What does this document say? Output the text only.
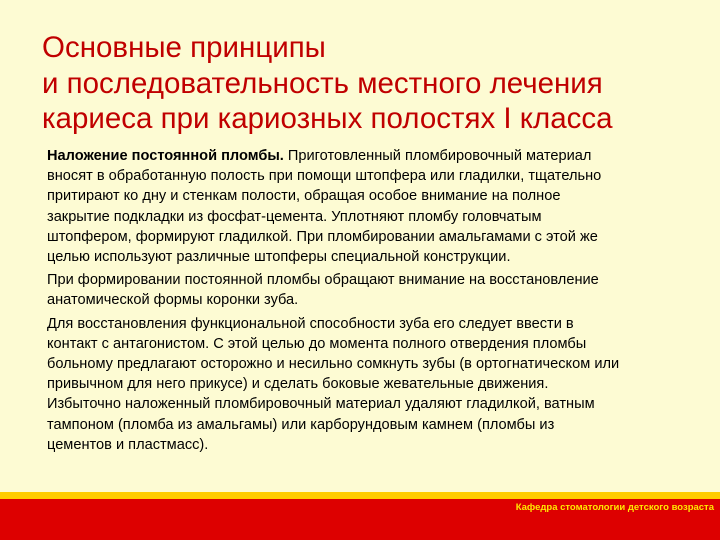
Основные принципы
и последовательность местного лечения
кариеса при кариозных полостях I класса

Наложение постоянной пломбы. Приготовленный пломбировочный материал
вносят в обработанную полость при помощи штопфера или гладилки, тщательно
притирают ко дну и стенкам полости, обращая особое внимание на полное
закрытие подкладки из фосфат-цемента. Уплотняют пломбу головчатым
штопфером, формируют гладилкой. При пломбировании амальгамами с этой же
целью используют различные штопферы специальной конструкции.

При формировании постоянной пломбы обращают внимание на восстановление
анатомической формы коронки зуба.

Для восстановления функциональной способности зуба его следует ввести в
контакт с антагонистом. С этой целью до момента полного отвердения пломбы
больному предлагают осторожно и несильно сомкнуть зубы (в ортогнатическом или
привычном для него прикусе) и сделать боковые жевательные движения.
Избыточно наложенный пломбировочный материал удаляют гладилкой, ватным
тампоном (пломба из амальгамы) или карборундовым камнем (пломбы из
цементов и пластмасс).

Кафедра стоматологии детского возраста
